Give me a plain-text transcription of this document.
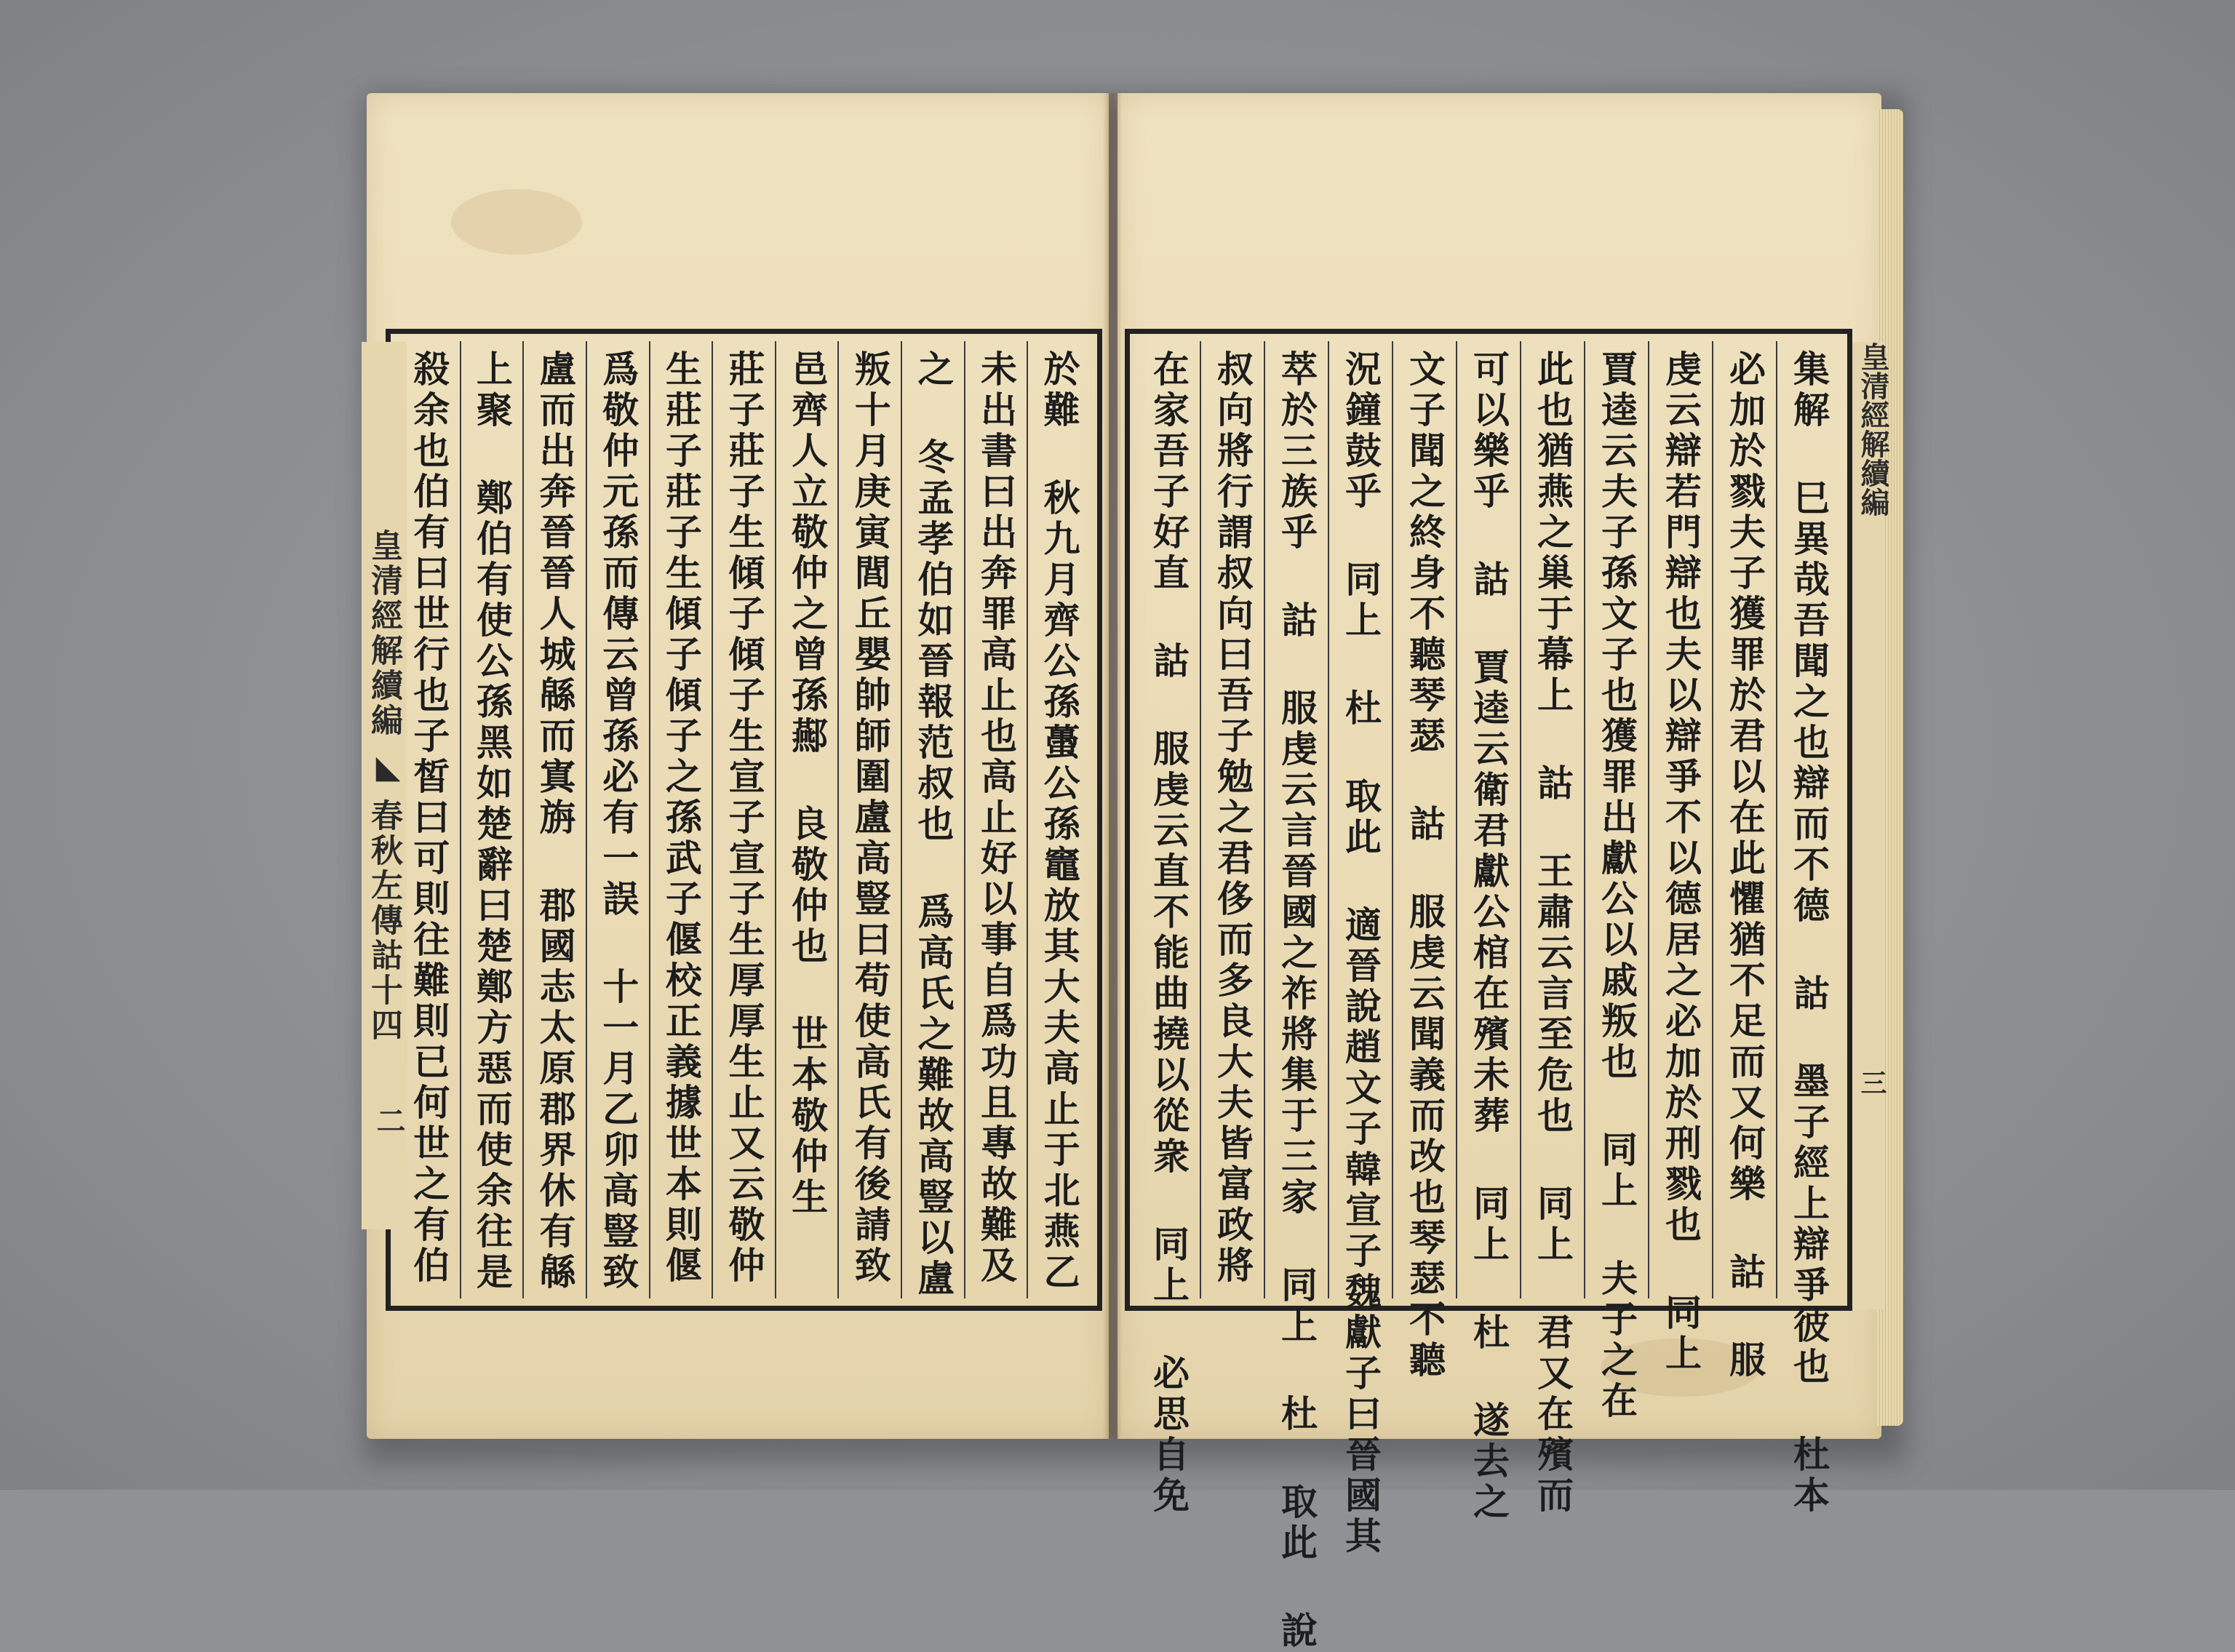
於難 秋九月齊公孫蠆公孫竈放其大夫高止于北燕乙
未出書曰出奔罪高止也高止好以事自爲功且專故難及
之 冬孟孝伯如晉報范叔也 爲高氏之難故高豎以盧
叛十月庚寅閭丘嬰帥師圍盧高豎曰苟使高氏有後請致
邑齊人立敬仲之曾孫酀 良敬仲也 世本敬仲生
莊子莊子生傾子傾子生宣子宣子生厚厚生止又云敬仲
生莊子莊子生傾子傾子之孫武子偃校正義據世本則偃
爲敬仲元孫而傳云曾孫必有一誤 十一月乙卯高豎致
盧而出奔晉晉人城緜而寘旃 郡國志太原郡界休有緜
上聚 鄭伯有使公孫黑如楚辭曰楚鄭方惡而使余往是
殺余也伯有曰世行也子皙曰可則往難則已何世之有伯
皇清經解續編
◣
春秋左傳詁十四
二	集解 巳異哉吾聞之也辯而不德 詁 墨子經上辯爭彼也 杜本
必加於戮夫子獲罪於君以在此懼猶不足而又何樂 詁 服
虔云辯若門辯也夫以辯爭不以德居之必加於刑戮也 同上
賈逵云夫子孫文子也獲罪出獻公以戚叛也 同上 夫子之在
此也猶燕之巢于幕上 詁 王肅云言至危也 同上 君又在殯而
可以樂乎 詁 賈逵云衛君獻公棺在殯未葬 同上 杜 遂去之
文子聞之終身不聽琴瑟 詁 服虔云聞義而改也琴瑟不聽
況鐘鼓乎 同上 杜 取此 適晉說趙文子韓宣子魏獻子曰晉國其
萃於三族乎 詁 服虔云言晉國之祚將集于三家 同上 杜 取此 說
叔向將行謂叔向曰吾子勉之君侈而多良大夫皆富政將
在家吾子好直 詁 服虔云直不能曲撓以從衆 同上 必思自免	皇清經解續編
三
